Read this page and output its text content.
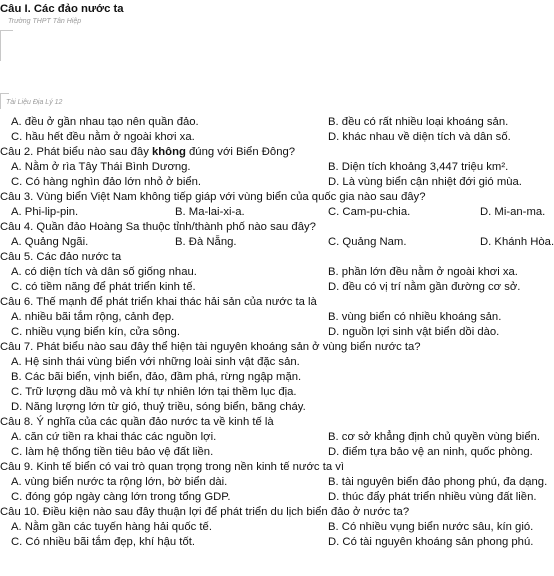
Câu I. Các đảo nước ta
Trường THPT Tân Hiệp
Tài Liệu Địa Lý 12
A. đều ở gần nhau tạo nên quần đảo.	B. đều có rất nhiều loại khoáng sản.
C. hầu hết đều nằm ở ngoài khơi xa.	D. khác nhau về diện tích và dân số.
Câu 2. Phát biểu nào sau đây không đúng với Biển Đông?
A. Nằm ở rìa Tây Thái Bình Dương.	B. Diện tích khoảng 3,447 triệu km².
C. Có hàng nghìn đảo lớn nhỏ ở biển.	D. Là vùng biển cận nhiệt đới gió mùa.
Câu 3. Vùng biển Việt Nam không tiếp giáp với vùng biển của quốc gia nào sau đây?
A. Phi-lip-pin.	B. Ma-lai-xi-a.	C. Cam-pu-chia.	D. Mi-an-ma.
Câu 4. Quần đảo Hoàng Sa thuộc tỉnh/thành phố nào sau đây?
A. Quảng Ngãi.	B. Đà Nẵng.	C. Quảng Nam.	D. Khánh Hòa.
Câu 5. Các đảo nước ta
A. có diện tích và dân số giống nhau.	B. phần lớn đều nằm ở ngoài khơi xa.
C. có tiềm năng để phát triển kinh tế.	D. đều có vị trí nằm gần đường cơ sở.
Câu 6. Thế mạnh để phát triển khai thác hải sản của nước ta là
A. nhiều bãi tắm rộng, cảnh đẹp.	B. vùng biển có nhiều khoáng sản.
C. nhiều vụng biển kín, cửa sông.	D. nguồn lợi sinh vật biển dồi dào.
Câu 7. Phát biểu nào sau đây thể hiện tài nguyên khoáng sản ở vùng biển nước ta?
A. Hệ sinh thái vùng biển với những loài sinh vật đặc sản.
B. Các bãi biển, vịnh biển, đảo, đầm phá, rừng ngập mặn.
C. Trữ lượng dầu mỏ và khí tự nhiên lớn tại thềm lục địa.
D. Năng lượng lớn từ gió, thuỷ triều, sóng biển, băng cháy.
Câu 8. Ý nghĩa của các quần đảo nước ta về kinh tế là
A. căn cứ tiền ra khai thác các nguồn lợi.	B. cơ sở khẳng định chủ quyền vùng biển.
C. làm hệ thống tiền tiêu bảo vệ đất liền.	D. điểm tựa bảo vệ an ninh, quốc phòng.
Câu 9. Kinh tế biển có vai trò quan trọng trong nền kinh tế nước ta vì
A. vùng biển nước ta rộng lớn, bờ biển dài.	B. tài nguyên biển đảo phong phú, đa dạng.
C. đóng góp ngày càng lớn trong tổng GDP.	D. thúc đẩy phát triển nhiều vùng đất liền.
Câu 10. Điều kiện nào sau đây thuận lợi để phát triển du lịch biển đảo ở nước ta?
A. Nằm gần các tuyến hàng hải quốc tế.	B. Có nhiều vụng biển nước sâu, kín gió.
C. Có nhiều bãi tắm đẹp, khí hậu tốt.	D. Có tài nguyên khoáng sản phong phú.
